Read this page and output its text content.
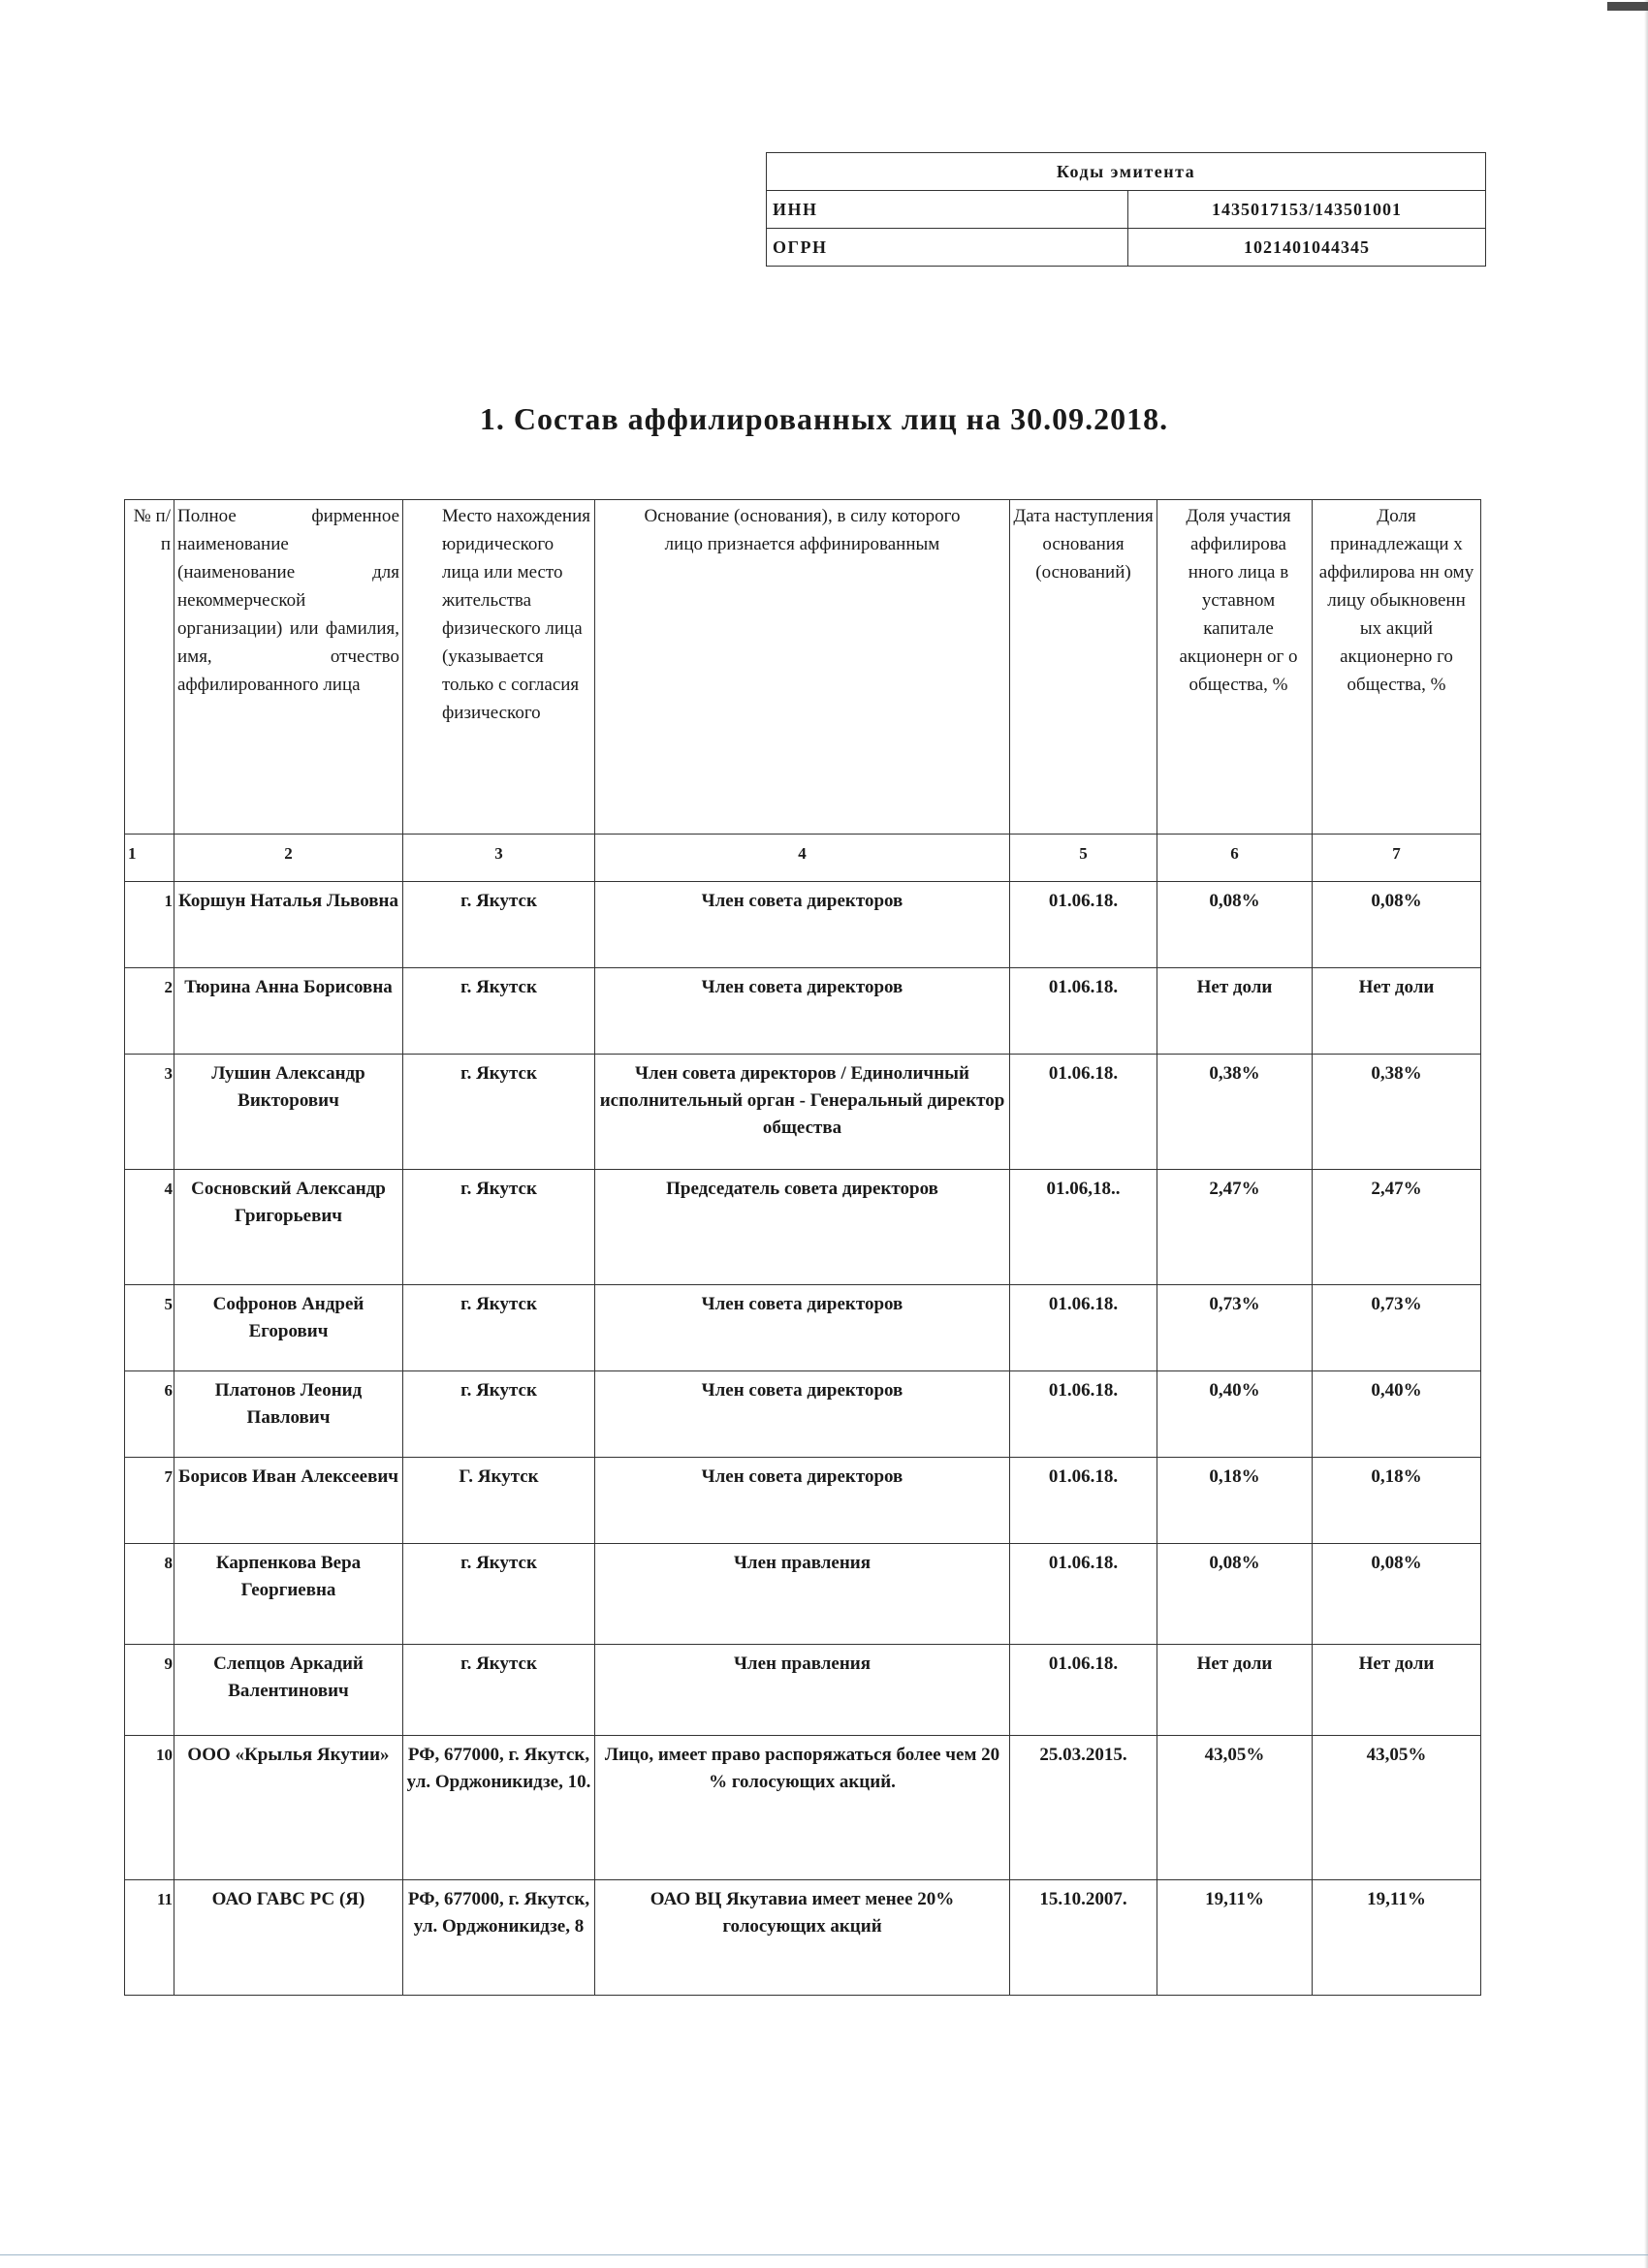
Коды эмитента	
ИНН	1435017153/143501001
ОГРН	1021401044345
1. Состав аффилированных лиц на 30.09.2018.
№ п/п	Полное фирменное наименование (наименование для некоммерческой организации) или фамилия, имя, отчество аффилированного лица	Место нахождения юридического лица или место жительства физического лица (указывается только с согласия физического	Основание (основания), в силу которого лицо признается аффинированным	Дата наступления основания (оснований)	Доля участия аффилирова нного лица в уставном капитале акционерн ог о общества, %	Доля принадлежащи х аффилирова нн ому лицу обыкновенн ых акций акционерно го общества, %
1	2	3	4	5	6	7
1	Коршун Наталья Львовна	г. Якутск	Член совета директоров	01.06.18.	0,08%	0,08%
2	Тюрина Анна Борисовна	г. Якутск	Член совета директоров	01.06.18.	Нет доли	Нет доли
3	Лушин Александр Викторович	г. Якутск	Член совета директоров / Единоличный исполнительный орган - Генеральный директор общества	01.06.18.	0,38%	0,38%
4	Сосновский Александр Григорьевич	г. Якутск	Председатель совета директоров	01.06,18..	2,47%	2,47%
5	Софронов Андрей Егорович	г. Якутск	Член совета директоров	01.06.18.	0,73%	0,73%
6	Платонов Леонид Павлович	г. Якутск	Член совета директоров	01.06.18.	0,40%	0,40%
7	Борисов Иван Алексеевич	Г. Якутск	Член совета директоров	01.06.18.	0,18%	0,18%
8	Карпенкова Вера Георгиевна	г. Якутск	Член правления	01.06.18.	0,08%	0,08%
9	Слепцов Аркадий Валентинович	г. Якутск	Член правления	01.06.18.	Нет доли	Нет доли
10	ООО «Крылья Якутии»	РФ, 677000, г. Якутск, ул. Орджоникидзе, 10.	Лицо, имеет право распоряжаться более чем 20 % голосующих акций.	25.03.2015.	43,05%	43,05%
11	ОАО ГАВС РС (Я)	РФ, 677000, г. Якутск, ул. Орджоникидзе, 8	ОАО ВЦ Якутавиа имеет менее 20% голосующих акций	15.10.2007.	19,11%	19,11%
